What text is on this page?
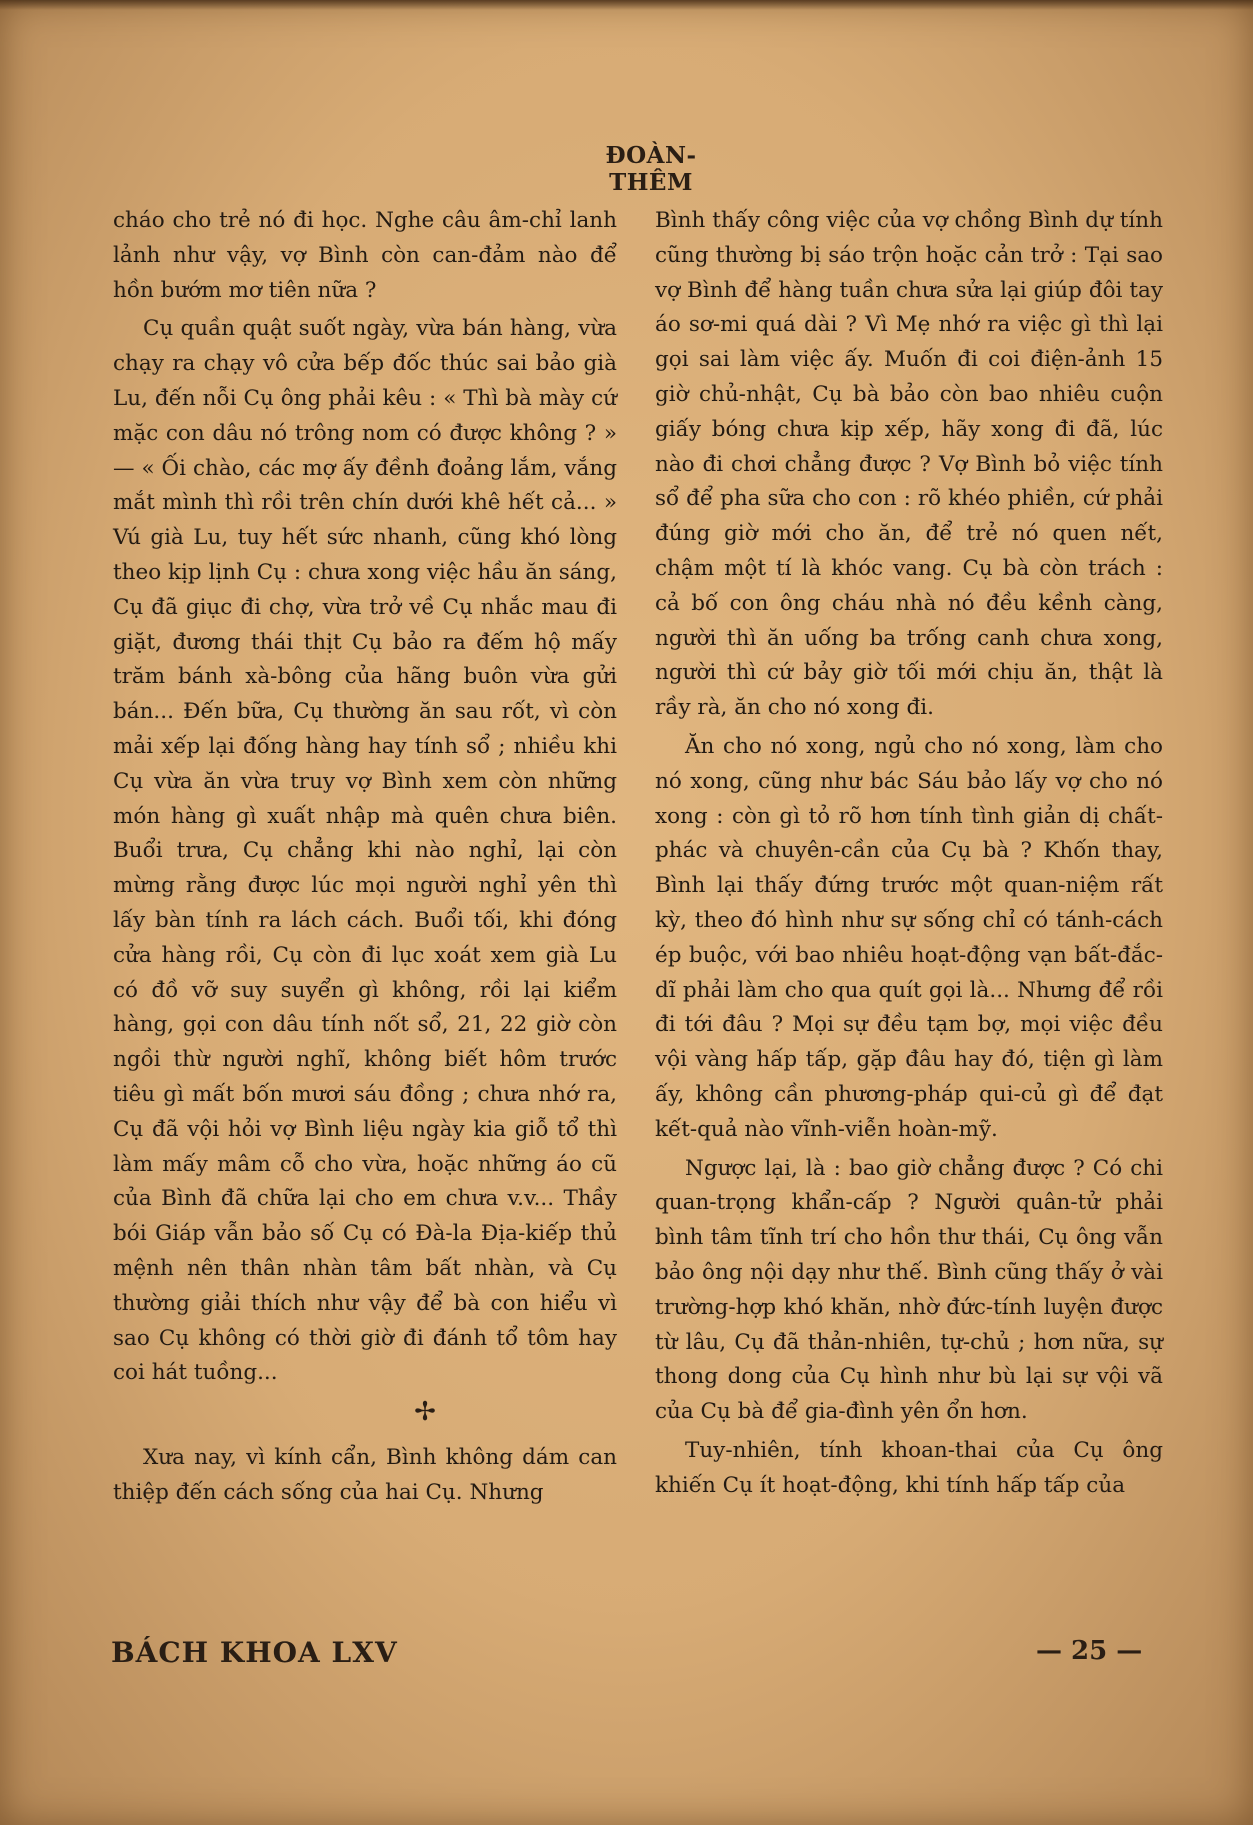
ĐOÀN-THÊM

cháo cho trẻ nó đi học. Nghe câu âm-chỉ lanh lảnh như vậy, vợ Bình còn can-đảm nào để hồn bướm mơ tiên nữa ?

Cụ quần quật suốt ngày, vừa bán hàng, vừa chạy ra chạy vô cửa bếp đốc thúc sai bảo già Lu, đến nỗi Cụ ông phải kêu : « Thì bà mày cứ mặc con dâu nó trông nom có được không ? » — « Ối chào, các mợ ấy đềnh đoảng lắm, vắng mắt mình thì rồi trên chín dưới khê hết cả... » Vú già Lu, tuy hết sức nhanh, cũng khó lòng theo kịp lịnh Cụ : chưa xong việc hầu ăn sáng, Cụ đã giục đi chợ, vừa trở về Cụ nhắc mau đi giặt, đương thái thịt Cụ bảo ra đếm hộ mấy trăm bánh xà-bông của hãng buôn vừa gửi bán... Đến bữa, Cụ thường ăn sau rốt, vì còn mải xếp lại đống hàng hay tính sổ ; nhiều khi Cụ vừa ăn vừa truy vợ Bình xem còn những món hàng gì xuất nhập mà quên chưa biên. Buổi trưa, Cụ chẳng khi nào nghỉ, lại còn mừng rằng được lúc mọi người nghỉ yên thì lấy bàn tính ra lách cách. Buổi tối, khi đóng cửa hàng rồi, Cụ còn đi lục xoát xem già Lu có đồ vỡ suy suyển gì không, rồi lại kiểm hàng, gọi con dâu tính nốt sổ, 21, 22 giờ còn ngồi thừ người nghĩ, không biết hôm trước tiêu gì mất bốn mươi sáu đồng ; chưa nhớ ra, Cụ đã vội hỏi vợ Bình liệu ngày kia giỗ tổ thì làm mấy mâm cỗ cho vừa, hoặc những áo cũ của Bình đã chữa lại cho em chưa v.v... Thầy bói Giáp vẫn bảo số Cụ có Đà-la Địa-kiếp thủ mệnh nên thân nhàn tâm bất nhàn, và Cụ thường giải thích như vậy để bà con hiểu vì sao Cụ không có thời giờ đi đánh tổ tôm hay coi hát tuồng...

✢

Xưa nay, vì kính cẩn, Bình không dám can thiệp đến cách sống của hai Cụ. Nhưng

Bình thấy công việc của vợ chồng Bình dự tính cũng thường bị sáo trộn hoặc cản trở : Tại sao vợ Bình để hàng tuần chưa sửa lại giúp đôi tay áo sơ-mi quá dài ? Vì Mẹ nhớ ra việc gì thì lại gọi sai làm việc ấy. Muốn đi coi điện-ảnh 15 giờ chủ-nhật, Cụ bà bảo còn bao nhiêu cuộn giấy bóng chưa kịp xếp, hãy xong đi đã, lúc nào đi chơi chẳng được ? Vợ Bình bỏ việc tính sổ để pha sữa cho con : rõ khéo phiền, cứ phải đúng giờ mới cho ăn, để trẻ nó quen nết, chậm một tí là khóc vang. Cụ bà còn trách : cả bố con ông cháu nhà nó đều kềnh càng, người thì ăn uống ba trống canh chưa xong, người thì cứ bảy giờ tối mới chịu ăn, thật là rầy rà, ăn cho nó xong đi.

Ăn cho nó xong, ngủ cho nó xong, làm cho nó xong, cũng như bác Sáu bảo lấy vợ cho nó xong : còn gì tỏ rõ hơn tính tình giản dị chất-phác và chuyên-cần của Cụ bà ? Khốn thay, Bình lại thấy đứng trước một quan-niệm rất kỳ, theo đó hình như sự sống chỉ có tánh-cách ép buộc, với bao nhiêu hoạt-động vạn bất-đắc-dĩ phải làm cho qua quít gọi là... Nhưng để rồi đi tới đâu ? Mọi sự đều tạm bợ, mọi việc đều vội vàng hấp tấp, gặp đâu hay đó, tiện gì làm ấy, không cần phương-pháp qui-củ gì để đạt kết-quả nào vĩnh-viễn hoàn-mỹ.

Ngược lại, là : bao giờ chẳng được ? Có chi quan-trọng khẩn-cấp ? Người quân-tử phải bình tâm tĩnh trí cho hồn thư thái, Cụ ông vẫn bảo ông nội dạy như thế. Bình cũng thấy ở vài trường-hợp khó khăn, nhờ đức-tính luyện được từ lâu, Cụ đã thản-nhiên, tự-chủ ; hơn nữa, sự thong dong của Cụ hình như bù lại sự vội vã của Cụ bà để gia-đình yên ổn hơn.

Tuy-nhiên, tính khoan-thai của Cụ ông khiến Cụ ít hoạt-động, khi tính hấp tấp của

BÁCH KHOA LXV	— 25 —
